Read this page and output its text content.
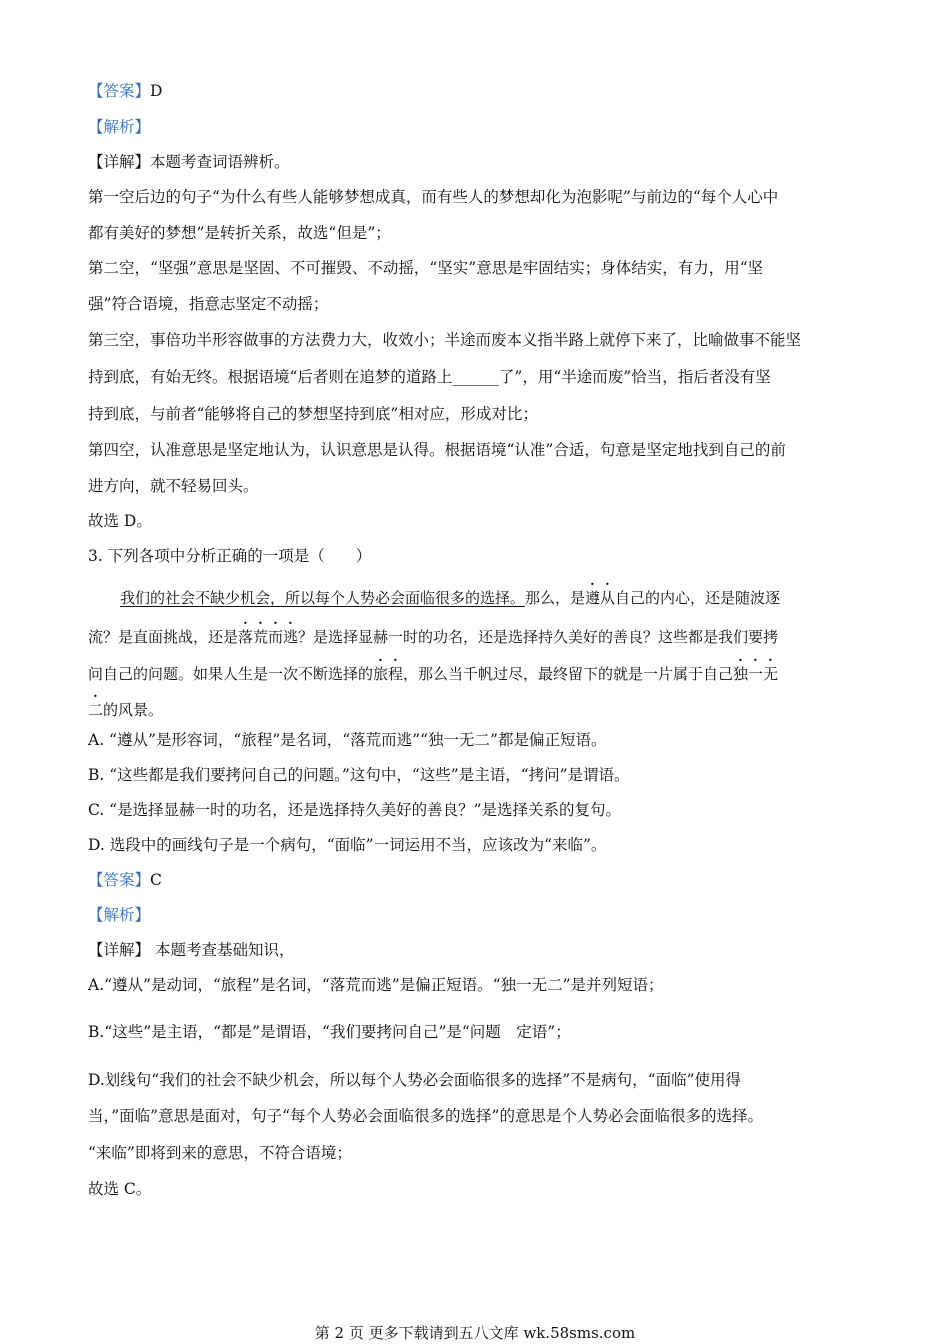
【答案】D
【解析】
【详解】本题考查词语辨析。
第一空后边的句子“为什么有些人能够梦想成真，而有些人的梦想却化为泡影呢”与前边的“每个人心中
都有美好的梦想”是转折关系，故选“但是”；
第二空，“坚强”意思是坚固、不可摧毁、不动摇，“坚实”意思是牢固结实；身体结实，有力，用“坚
强”符合语境，指意志坚定不动摇；
第三空，事倍功半形容做事的方法费力大，收效小；半途而废本义指半路上就停下来了，比喻做事不能坚
持到底，有始无终。根据语境“后者则在追梦的道路上______了”，用“半途而废”恰当，指后者没有坚
持到底，与前者“能够将自己的梦想坚持到底”相对应，形成对比；
第四空，认准意思是坚定地认为，认识意思是认得。根据语境“认准”合适，句意是坚定地找到自己的前
进方向，就不轻易回头。
故选 D。
3. 下列各项中分析正确的一项是（　　）
我们的社会不缺少机会，所以每个人势必会面临很多的选择。那么，是遵从自己的内心，还是随波逐
流？是直面挑战，还是落荒而逃？是选择显赫一时的功名，还是选择持久美好的善良？这些都是我们要拷
问自己的问题。如果人生是一次不断选择的旅程，那么当千帆过尽，最终留下的就是一片属于自己独一无
二的风景。
A. “遵从”是形容词，“旅程”是名词，“落荒而逃”“独一无二”都是偏正短语。
B. “这些都是我们要拷问自己的问题。”这句中，“这些”是主语，“拷问”是谓语。
C. “是选择显赫一时的功名，还是选择持久美好的善良？”是选择关系的复句。
D. 选段中的画线句子是一个病句，“面临”一词运用不当，应该改为“来临”。
【答案】C
【解析】
【详解】 本题考查基础知识，
A.“遵从”是动词，“旅程”是名词，“落荒而逃”是偏正短语。“独一无二”是并列短语；
B.“这些”是主语，“都是”是谓语，“我们要拷问自己”是“问题　定语”；
D.划线句“我们的社会不缺少机会，所以每个人势必会面临很多的选择”不是病句，“面临”使用得
当，”面临”意思是面对，句子“每个人势必会面临很多的选择”的意思是个人势必会面临很多的选择。
“来临”即将到来的意思，不符合语境；
故选 C。
第 2 页 更多下载请到五八文库 wk.58sms.com
